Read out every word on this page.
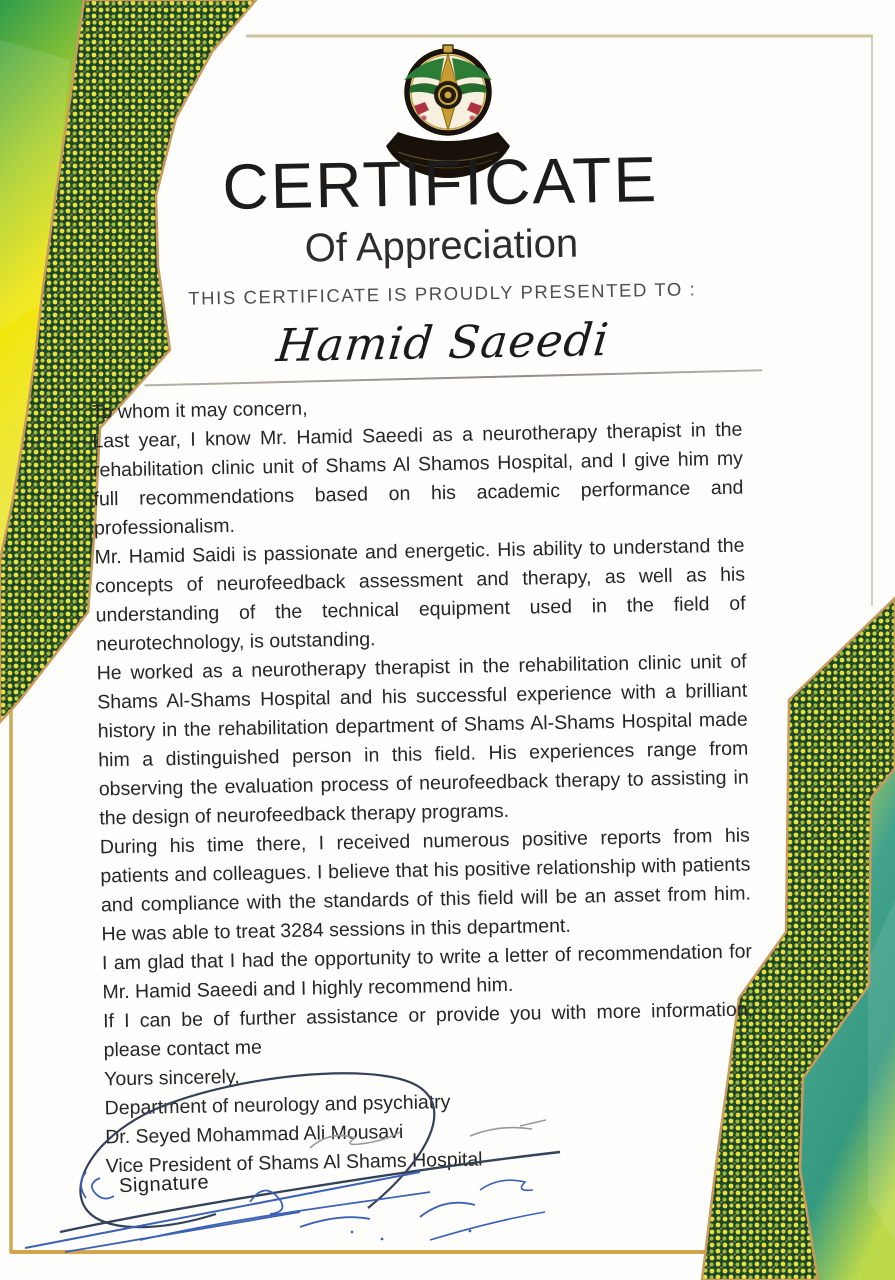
CERTIFICATE
Of Appreciation
THIS CERTIFICATE IS PROUDLY PRESENTED TO :
Hamid Saeedi

To whom it may concern,

Last year, I know Mr. Hamid Saeedi as a neurotherapy therapist in the rehabilitation clinic unit of Shams Al Shamos Hospital, and I give him my full recommendations based on his academic performance and professionalism.

Mr. Hamid Saidi is passionate and energetic. His ability to understand the concepts of neurofeedback assessment and therapy, as well as his understanding of the technical equipment used in the field of neurotechnology, is outstanding.

He worked as a neurotherapy therapist in the rehabilitation clinic unit of Shams Al-Shams Hospital and his successful experience with a brilliant history in the rehabilitation department of Shams Al-Shams Hospital made him a distinguished person in this field. His experiences range from observing the evaluation process of neurofeedback therapy to assisting in the design of neurofeedback therapy programs.

During his time there, I received numerous positive reports from his patients and colleagues. I believe that his positive relationship with patients and compliance with the standards of this field will be an asset from him. He was able to treat 3284 sessions in this department.

I am glad that I had the opportunity to write a letter of recommendation for Mr. Hamid Saeedi and I highly recommend him.

If I can be of further assistance or provide you with more information, please contact me

Yours sincerely,

Department of neurology and psychiatry

Dr. Seyed Mohammad Ali Mousavi

Vice President of Shams Al Shams Hospital

Signature
